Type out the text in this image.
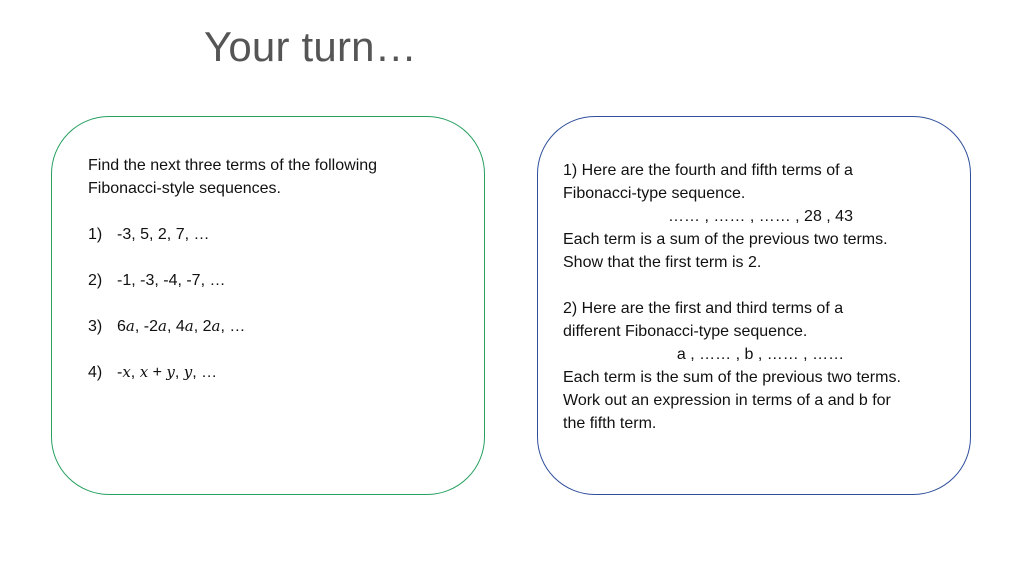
Your turn…
Find the next three terms of the following
Fibonacci-style sequences.
1) -3, 5, 2, 7, …
2) -1, -3, -4, -7, …
3) 6a, -2a, 4a, 2a, …
4) -x, x + y, y, …
1) Here are the fourth and fifth terms of a
Fibonacci-type sequence.
…… , …… , …… , 28 , 43
Each term is a sum of the previous two terms.
Show that the first term is 2.
2) Here are the first and third terms of a
different Fibonacci-type sequence.
a , …… , b , …… , ……
Each term is the sum of the previous two terms.
Work out an expression in terms of a and b for
the fifth term.
